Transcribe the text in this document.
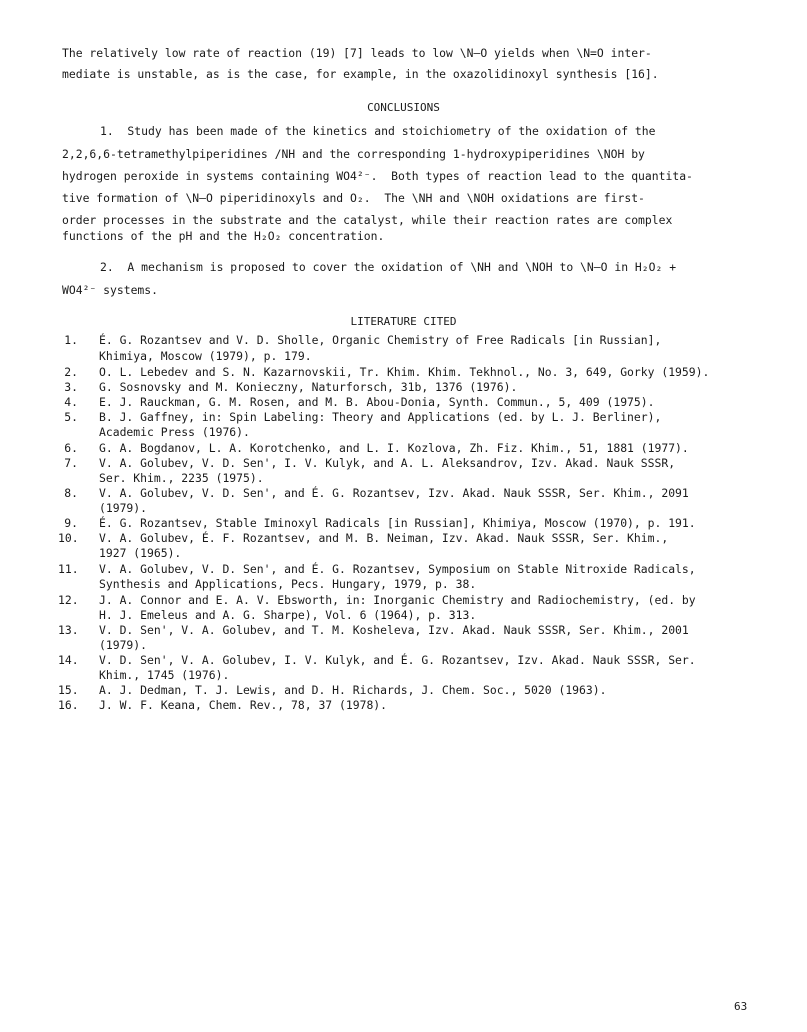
The relatively low rate of reaction (19) [7] leads to low \N–O yields when \N=O inter-
mediate is unstable, as is the case, for example, in the oxazolidinoxyl synthesis [16].
CONCLUSIONS
1.  Study has been made of the kinetics and stoichiometry of the oxidation of the
2,2,6,6-tetramethylpiperidines /NH and the corresponding 1-hydroxypiperidines \NOH by
hydrogen peroxide in systems containing WO4²⁻.  Both types of reaction lead to the quantita-
tive formation of \N–O piperidinoxyls and O₂.  The \NH and \NOH oxidations are first-
order processes in the substrate and the catalyst, while their reaction rates are complex
functions of the pH and the H₂O₂ concentration.
2.  A mechanism is proposed to cover the oxidation of \NH and \NOH to \N–O in H₂O₂ +
WO4²⁻ systems.
LITERATURE CITED
1. É. G. Rozantsev and V. D. Sholle, Organic Chemistry of Free Radicals [in Russian],
Khimiya, Moscow (1979), p. 179.
2. O. L. Lebedev and S. N. Kazarnovskii, Tr. Khim. Khim. Tekhnol., No. 3, 649, Gorky (1959).
3. G. Sosnovsky and M. Konieczny, Naturforsch, 31b, 1376 (1976).
4. E. J. Rauckman, G. M. Rosen, and M. B. Abou-Donia, Synth. Commun., 5, 409 (1975).
5. B. J. Gaffney, in: Spin Labeling: Theory and Applications (ed. by L. J. Berliner),
Academic Press (1976).
6. G. A. Bogdanov, L. A. Korotchenko, and L. I. Kozlova, Zh. Fiz. Khim., 51, 1881 (1977).
7. V. A. Golubev, V. D. Sen', I. V. Kulyk, and A. L. Aleksandrov, Izv. Akad. Nauk SSSR,
Ser. Khim., 2235 (1975).
8. V. A. Golubev, V. D. Sen', and É. G. Rozantsev, Izv. Akad. Nauk SSSR, Ser. Khim., 2091
(1979).
9. É. G. Rozantsev, Stable Iminoxyl Radicals [in Russian], Khimiya, Moscow (1970), p. 191.
10. V. A. Golubev, É. F. Rozantsev, and M. B. Neiman, Izv. Akad. Nauk SSSR, Ser. Khim.,
1927 (1965).
11. V. A. Golubev, V. D. Sen', and É. G. Rozantsev, Symposium on Stable Nitroxide Radicals,
Synthesis and Applications, Pecs. Hungary, 1979, p. 38.
12. J. A. Connor and E. A. V. Ebsworth, in: Inorganic Chemistry and Radiochemistry, (ed. by
H. J. Emeleus and A. G. Sharpe), Vol. 6 (1964), p. 313.
13. V. D. Sen', V. A. Golubev, and T. M. Kosheleva, Izv. Akad. Nauk SSSR, Ser. Khim., 2001
(1979).
14. V. D. Sen', V. A. Golubev, I. V. Kulyk, and É. G. Rozantsev, Izv. Akad. Nauk SSSR, Ser.
Khim., 1745 (1976).
15. A. J. Dedman, T. J. Lewis, and D. H. Richards, J. Chem. Soc., 5020 (1963).
16. J. W. F. Keana, Chem. Rev., 78, 37 (1978).
63
